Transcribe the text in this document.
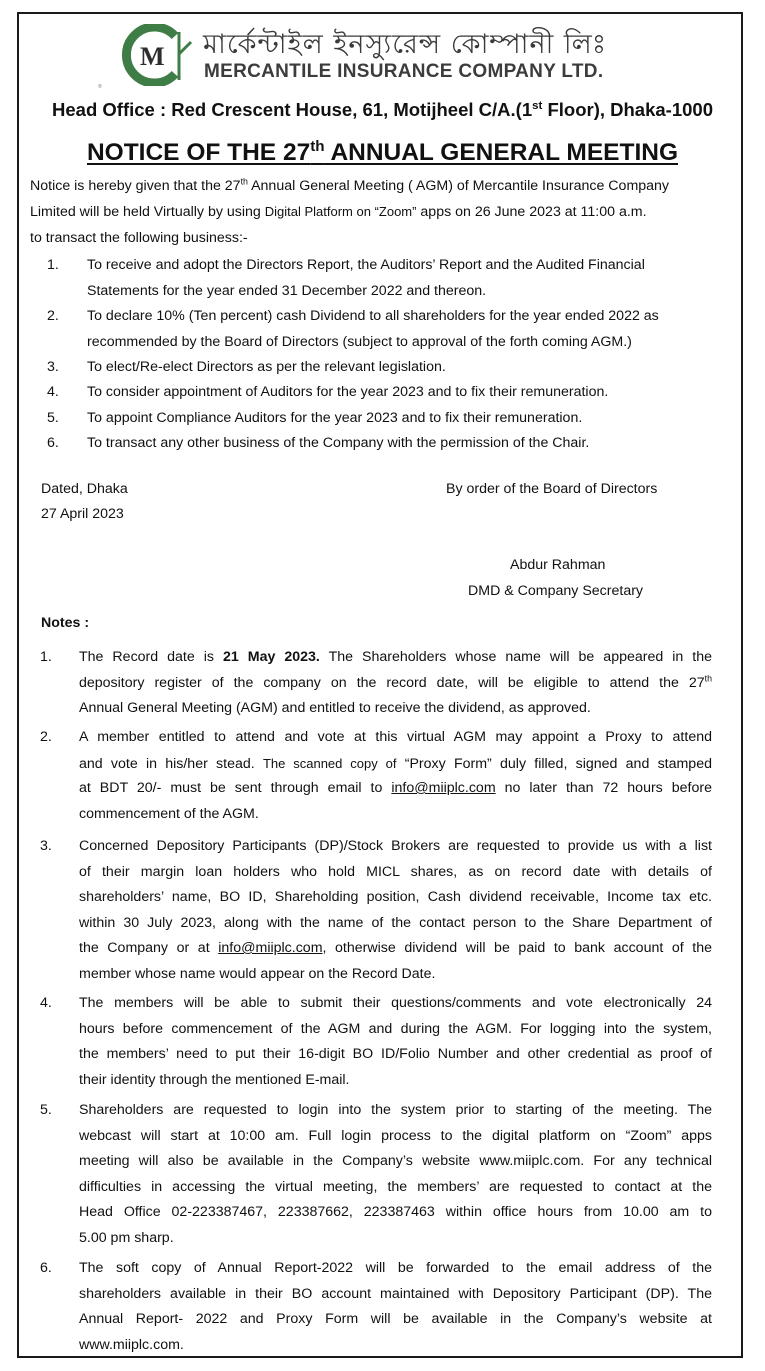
M মার্কেন্টাইল ইনস্যুরেন্স কোম্পানী লিঃ
MERCANTILE INSURANCE COMPANY LTD.
®
Head Office : Red Crescent House, 61, Motijheel C/A.(1st Floor), Dhaka-1000
NOTICE OF THE 27th ANNUAL GENERAL MEETING
Notice is hereby given that the 27th Annual General Meeting ( AGM) of Mercantile Insurance Company
Limited will be held Virtually by using Digital Platform on “Zoom” apps on 26 June 2023 at 11:00 a.m.
to transact the following business:-
1. To receive and adopt the Directors Report, the Auditors’ Report and the Audited Financial
Statements for the year ended 31 December 2022 and thereon.
2. To declare 10% (Ten percent) cash Dividend to all shareholders for the year ended 2022 as
recommended by the Board of Directors (subject to approval of the forth coming AGM.)
3. To elect/Re-elect Directors as per the relevant legislation.
4. To consider appointment of Auditors for the year 2023 and to fix their remuneration.
5. To appoint Compliance Auditors for the year 2023 and to fix their remuneration.
6. To transact any other business of the Company with the permission of the Chair.
Dated, Dhaka
27 April 2023
By order of the Board of Directors
Abdur Rahman
DMD & Company Secretary
Notes :
1. The Record date is 21 May 2023. The Shareholders whose name will be appeared in the
depository register of the company on the record date, will be eligible to attend the 27th
Annual General Meeting (AGM) and entitled to receive the dividend, as approved.
2. A member entitled to attend and vote at this virtual AGM may appoint a Proxy to attend
and vote in his/her stead. The scanned copy of “Proxy Form” duly filled, signed and stamped
at BDT 20/- must be sent through email to info@miiplc.com no later than 72 hours before
commencement of the AGM.
3. Concerned Depository Participants (DP)/Stock Brokers are requested to provide us with a list
of their margin loan holders who hold MICL shares, as on record date with details of
shareholders’ name, BO ID, Shareholding position, Cash dividend receivable, Income tax etc.
within 30 July 2023, along with the name of the contact person to the Share Department of
the Company or at info@miiplc.com, otherwise dividend will be paid to bank account of the
member whose name would appear on the Record Date.
4. The members will be able to submit their questions/comments and vote electronically 24
hours before commencement of the AGM and during the AGM. For logging into the system,
the members’ need to put their 16-digit BO ID/Folio Number and other credential as proof of
their identity through the mentioned E-mail.
5. Shareholders are requested to login into the system prior to starting of the meeting. The
webcast will start at 10:00 am. Full login process to the digital platform on “Zoom” apps
meeting will also be available in the Company’s website www.miiplc.com. For any technical
difficulties in accessing the virtual meeting, the members’ are requested to contact at the
Head Office 02-223387467, 223387662, 223387463 within office hours from 10.00 am to
5.00 pm sharp.
6. The soft copy of Annual Report-2022 will be forwarded to the email address of the
shareholders available in their BO account maintained with Depository Participant (DP). The
Annual Report- 2022 and Proxy Form will be available in the Company’s website at
www.miiplc.com.
